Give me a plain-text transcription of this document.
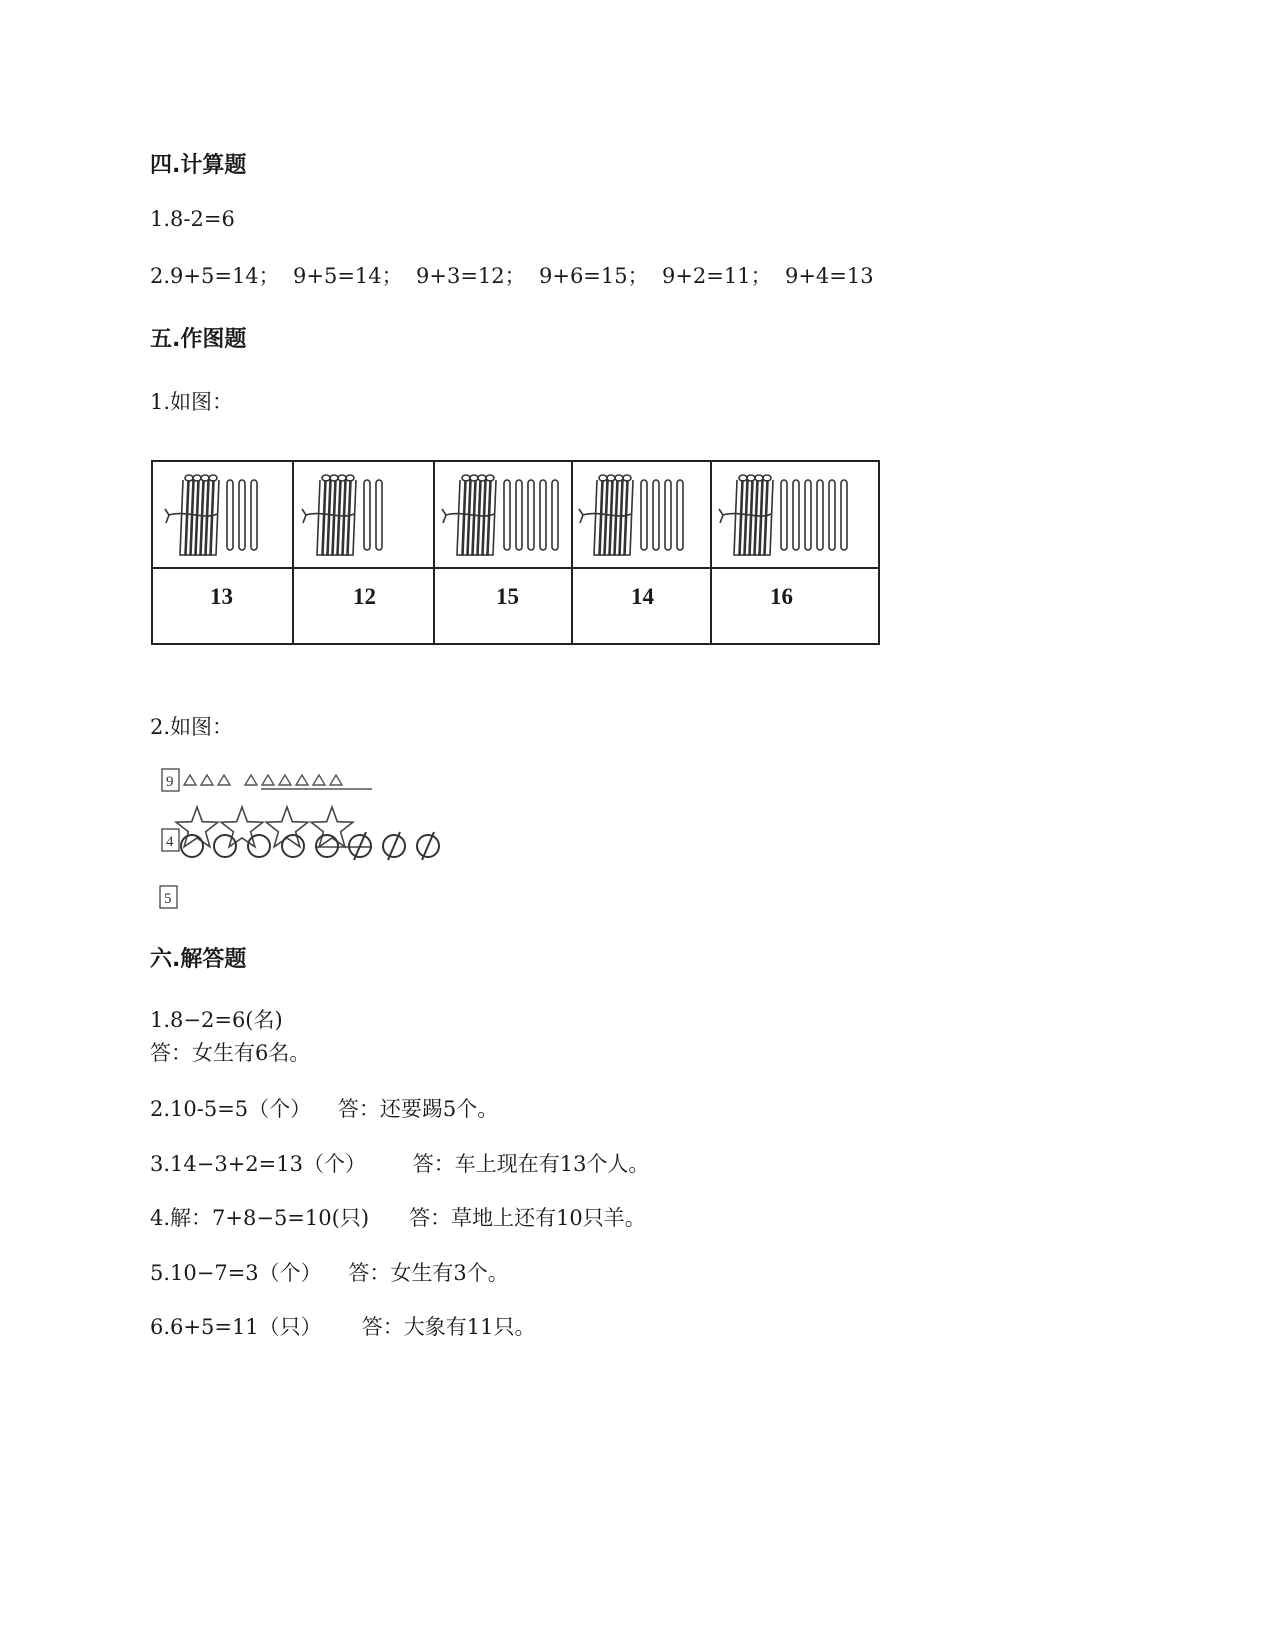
四.计算题
1.8-2=6
2.9+5=14；  9+5=14；  9+3=12；  9+6=15；  9+2=11；  9+4=13
五.作图题
1.如图：
13	12	15	14	16
2.如图：
9
4
5
六.解答题
1.8−2=6(名)
答：女生有6名。
2.10-5=5（个）    答：还要踢5个。
3.14−3+2=13（个）       答：车上现在有13个人。
4.解：7+8−5=10(只)      答：草地上还有10只羊。
5.10−7=3（个）    答：女生有3个。
6.6+5=11（只）      答：大象有11只。
